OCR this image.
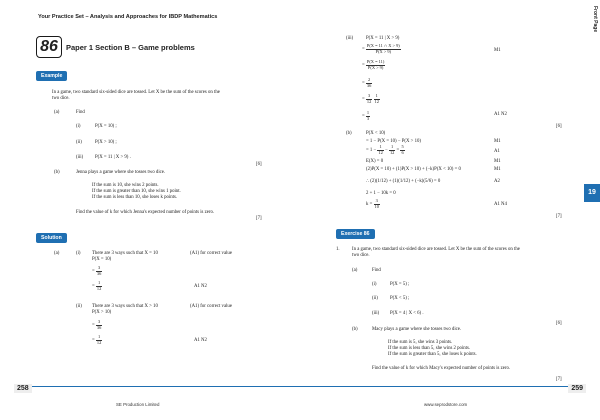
Your Practice Set – Analysis and Approaches for IBDP Mathematics	Front Page
86	Paper 1 Section B – Game problems
Example
In a game, two standard six-sided dice are tossed. Let X be the sum of the scores on the
two dice.
(a)	Find
(i)	P(X = 10) ;
(ii)	P(X > 10) ;
(iii) P(X = 11 | X > 9) .
[6]
(b)	Jenna plays a game where she tosses two dice.
If the sum is 10, she wins 2 points.
If the sum is greater than 10, she wins 1 point.
If the sum is less than 10, she loses k points.
Find the value of k for which Jenna's expected number of points is zero.
[7]
Solution
(a)	(i) There are 3 ways such that X = 10	(A1) for correct value
P(X = 10)
= $\frac{3}{36}$
= $\frac{1}{12}$	A1 N2
(ii) There are 3 ways such that X > 10	(A1) for correct value
P(X > 10)
= $\frac{3}{36}$
= $\frac{1}{12}$	A1 N2
(iii)	P(X = 11 | X > 9)
= $\frac{P(X = 11 \cap X > 9)}{P(X > 9)}$	M1
= $\frac{P(X = 11)}{P(X > 9)}$
= $\frac{2}{36}$
= $\frac{3}{12}$
$\frac{1}{12}$
= $\frac{1}{3}$	A1 N2
[6]
(b)	P(X < 10)
= 1 − P(X = 10) − P(X > 10)	M1
= $1 - \frac{1}{12} - \frac{1}{12} = \frac{5}{6}$	A1
E(X) = 0	M1
(2)P(X = 10) + (1)P(X > 10) + (−k)P(X < 10) = 0	M1
∴ (2)(1/12) + (1)(1/12) + (−k)(5/6) = 0	A2
2 + 1 − 10k = 0
$k = \frac{3}{10}$	A1 N4
[7]
Exercise 86
1.	In a game, two standard six-sided dice are tossed. Let X be the sum of the scores on the
two dice.
(a)	Find
(i)	P(X = 5) ;
(ii)	P(X < 5) ;
(iii) P(X = 4 | X < 6) .
[6]
(b)	Macy plays a game where she tosses two dice.
If the sum is 5, she wins 3 points.
If the sum is less than 5, she wins 2 points.
If the sum is greater than 5, she loses k points.
Find the value of k for which Macy's expected number of points is zero.
[7]
19
258	259
SE Production Limited	www.seprodstore.com
